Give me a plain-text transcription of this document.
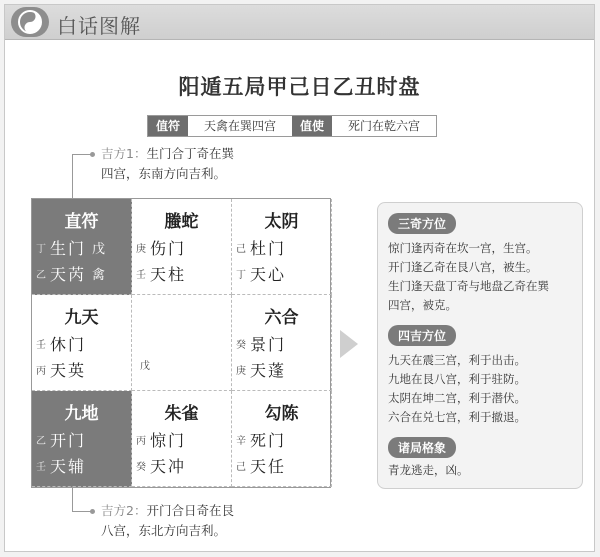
白话图解
阳遁五局甲己日乙丑时盘
值符	天禽在巽四宫	值使	死门在乾六宫
吉方1：生门合丁奇在巽
四宫，东南方向吉利。
直符
丁 生门 戊
乙 天芮 禽
螣蛇
庚 伤门
壬 天柱
太阴
己 杜门
丁 天心
九天
壬 休门
丙 天英	戊
六合
癸 景门
庚 天蓬
九地
乙 开门
壬 天辅
朱雀
丙 惊门
癸 天冲
勾陈
辛 死门
己 天任
吉方2：开门合日奇在艮
八宫，东北方向吉利。
三奇方位
惊门逢丙奇在坎一宫，生宫。
开门逢乙奇在艮八宫，被生。
生门逢天盘丁奇与地盘乙奇在巽
四宫，被克。
四吉方位
九天在震三宫，利于出击。
九地在艮八宫，利于驻防。
太阴在坤二宫，利于潜伏。
六合在兑七宫，利于撤退。
诸局格象
青龙逃走，凶。
